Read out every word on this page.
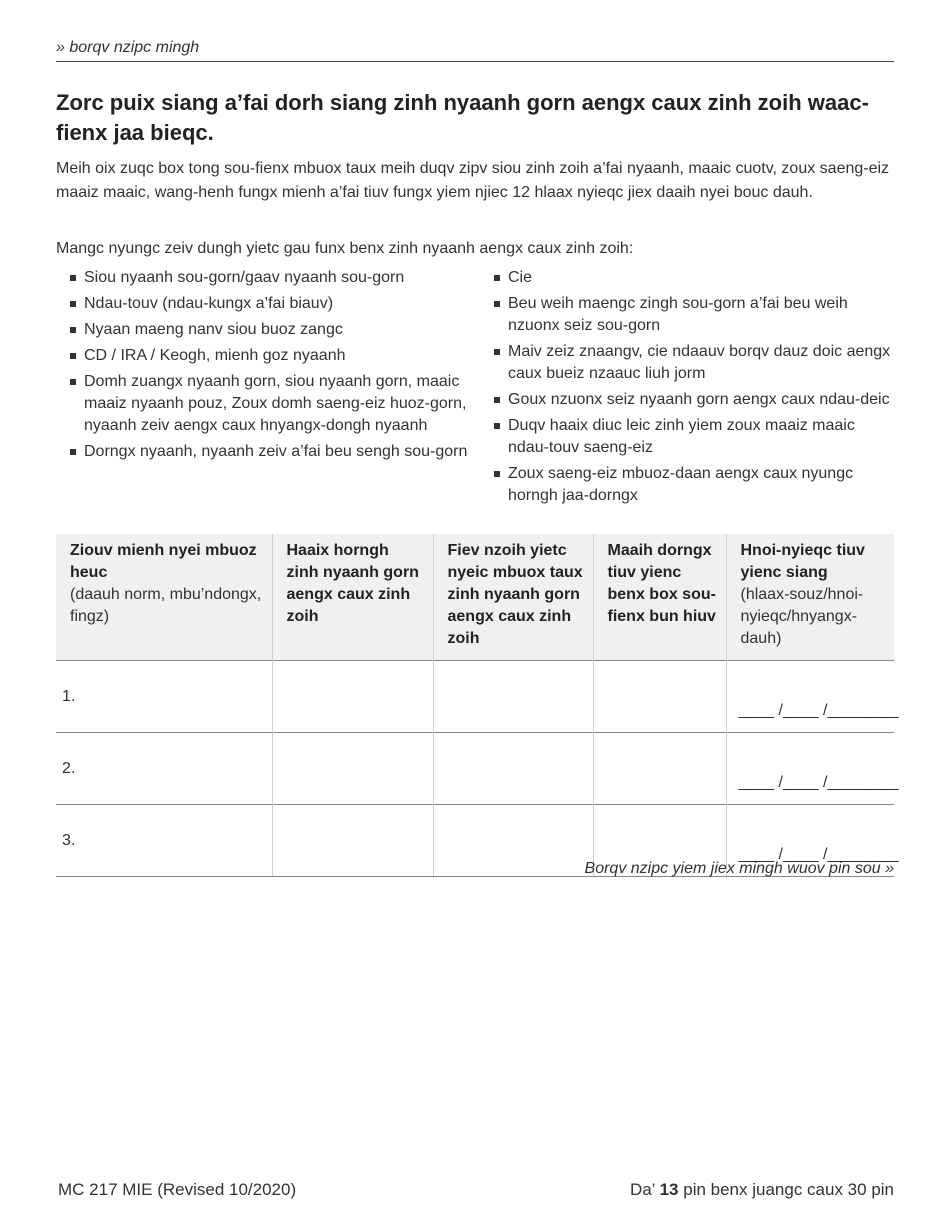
» borqv nzipc mingh
Zorc puix siang a’fai dorh siang zinh nyaanh gorn aengx caux zinh zoih waac-fienx jaa bieqc.

Meih oix zuqc box tong sou-fienx mbuox taux meih duqv zipv siou zinh zoih a’fai nyaanh, maaic cuotv, zoux saeng-eiz maaiz maaic, wang-henh fungx mienh a’fai tiuv fungx yiem njiec 12 hlaax nyieqc jiex daaih nyei bouc dauh.

Mangc nyungc zeiv dungh yietc gau funx benx zinh nyaanh aengx caux zinh zoih:

Siou nyaanh sou-gorn/gaav nyaanh sou-gorn
Ndau-touv (ndau-kungx a’fai biauv)
Nyaan maeng nanv siou buoz zangc
CD / IRA / Keogh, mienh goz nyaanh
Domh zuangx nyaanh gorn, siou nyaanh gorn, maaic maaiz nyaanh pouz, Zoux domh saeng-eiz huoz-gorn, nyaanh zeiv aengx caux hnyangx-dongh nyaanh
Dorngx nyaanh, nyaanh zeiv a’fai beu sengh sou-gorn
Cie
Beu weih maengc zingh sou-gorn a’fai beu weih nzuonx seiz sou-gorn
Maiv zeiz znaangv, cie ndaauv borqv dauz doic aengx caux bueiz nzaauc liuh jorm
Goux nzuonx seiz nyaanh gorn aengx caux ndau-deic
Duqv haaix diuc leic zinh yiem zoux maaiz maaic ndau-touv saeng-eiz
Zoux saeng-eiz mbuoz-daan aengx caux nyungc horngh jaa-dorngx
Ziouv mienh nyei mbuoz heuc
(daauh norm, mbu’ndongx, fingz)	Haaix horngh zinh nyaanh gorn aengx caux zinh zoih	Fiev nzoih yietc nyeic mbuox taux zinh nyaanh gorn aengx caux zinh zoih	Maaih dorngx tiuv yienc benx box sou-fienx bun hiuv	Hnoi-nyieqc tiuv yienc siang
(hlaax-souz/hnoi-nyieqc/hnyangx-dauh)
1.				____ /____ /________
2.				____ /____ /________
3.				____ /____ /________
Borqv nzipc yiem jiex mingh wuov pin sou »
MC 217 MIE (Revised 10/2020)	Da’ 13 pin benx juangc caux 30 pin
